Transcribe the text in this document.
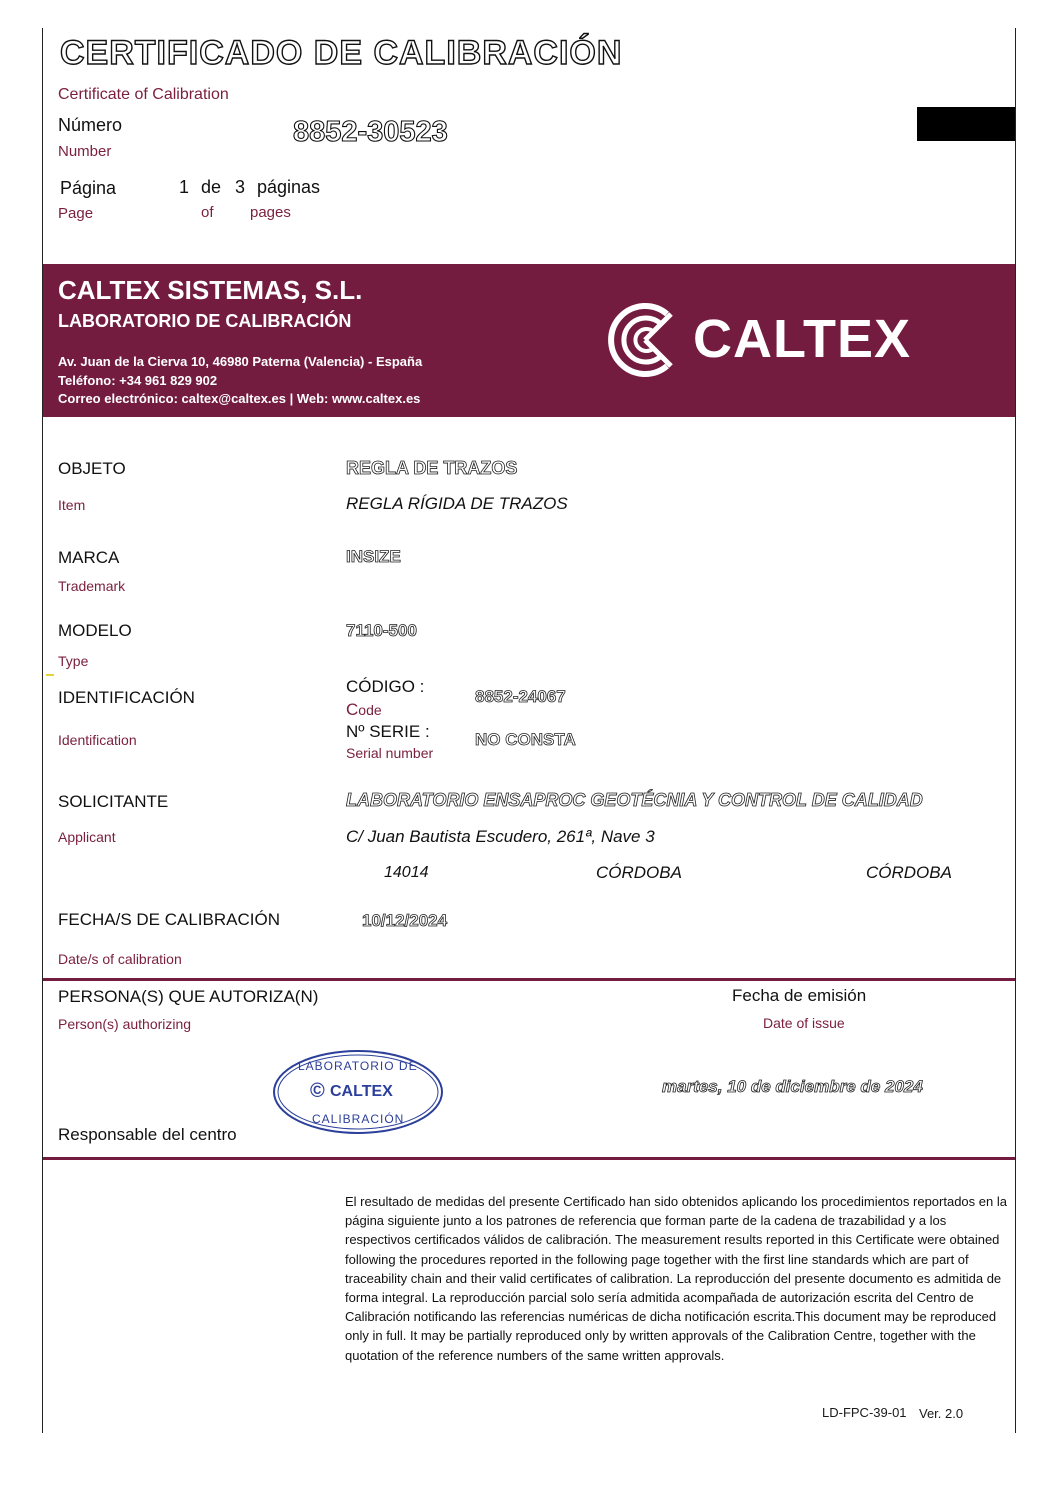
CERTIFICADO DE CALIBRACIÓN
Certificate of Calibration
Número
Number
8852-30523
Página
Page
1 de 3 páginas
of pages
CALTEX SISTEMAS, S.L.
LABORATORIO DE CALIBRACIÓN
Av. Juan de la Cierva 10, 46980 Paterna (Valencia) - España
Teléfono: +34 961 829 902
Correo electrónico: caltex@caltex.es | Web: www.caltex.es
CALTEX
OBJETO
Item
REGLA DE TRAZOS
REGLA RÍGIDA DE TRAZOS
MARCA
Trademark
INSIZE
MODELO
Type
7110-500
IDENTIFICACIÓN
Identification
CÓDIGO :
Code
8852-24067
Nº SERIE :
Serial number
NO CONSTA
SOLICITANTE
Applicant
LABORATORIO ENSAPROC GEOTÉCNIA Y CONTROL DE CALIDAD
C/ Juan Bautista Escudero, 261ª, Nave 3
14014	CÓRDOBA	CÓRDOBA
FECHA/S DE CALIBRACIÓN
Date/s of calibration
10/12/2024
PERSONA(S) QUE AUTORIZA(N)
Person(s) authorizing
Fecha de emisión
Date of issue
LABORATORIO DE
CALTEX
©
CALIBRACIÓN
martes, 10 de diciembre de 2024
Responsable del centro
El resultado de medidas del presente Certificado han sido obtenidos aplicando los procedimientos reportados en la página siguiente junto a los patrones de referencia que forman parte de la cadena de trazabilidad y a los respectivos certificados válidos de calibración. The measurement results reported in this Certificate were obtained following the procedures reported in the following page together with the first line standards which are part of traceability chain and their valid certificates of calibration. La reproducción del presente documento es admitida de forma integral. La reproducción parcial solo sería admitida acompañada de autorización escrita del Centro de Calibración notificando las referencias numéricas de dicha notificación escrita.This document may be reproduced only in full. It may be partially reproduced only by written approvals of the Calibration Centre, together with the quotation of the reference numbers of the same written approvals.
LD-FPC-39-01 Ver. 2.0
